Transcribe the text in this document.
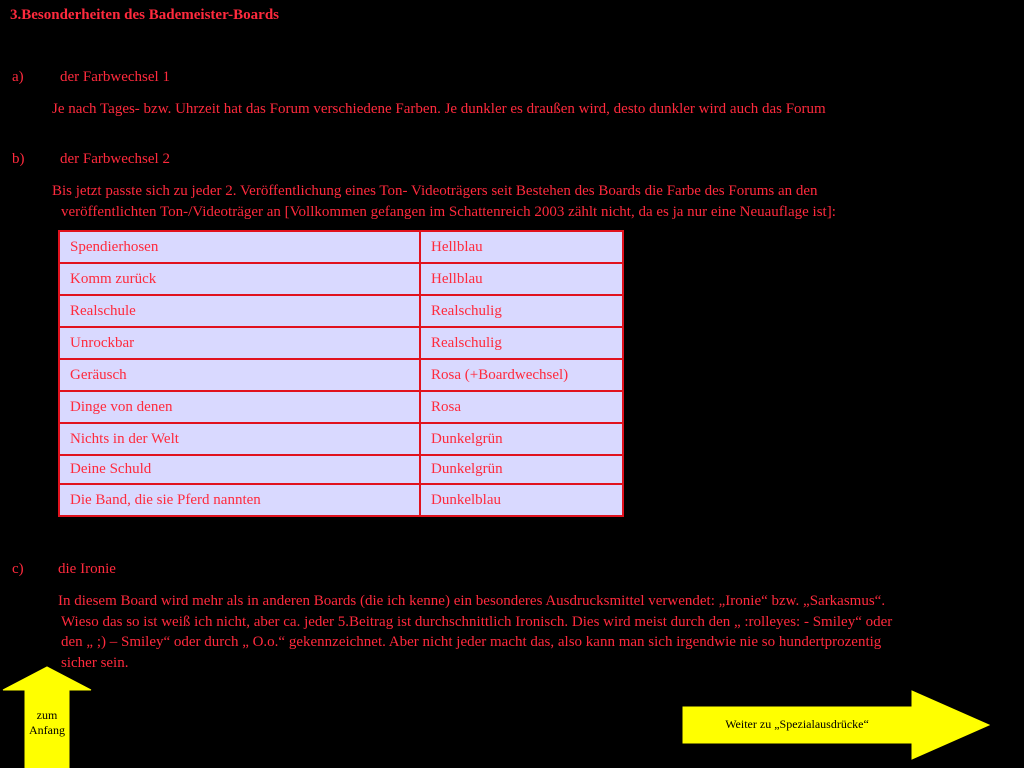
3.Besonderheiten des Bademeister-Boards
a)	der Farbwechsel 1
Je nach Tages- bzw. Uhrzeit hat das Forum verschiedene Farben. Je dunkler es draußen wird, desto dunkler wird auch das Forum
b)	der Farbwechsel 2
Bis jetzt passte sich zu jeder 2. Veröffentlichung eines Ton- Videoträgers seit Bestehen des Boards die Farbe des Forums an den
veröffentlichten Ton-/Videoträger an [Vollkommen gefangen im Schattenreich 2003 zählt nicht, da es ja nur eine Neuauflage ist]:
Spendierhosen	Hellblau
Komm zurück	Hellblau
Realschule	Realschulig
Unrockbar	Realschulig
Geräusch	Rosa (+Boardwechsel)
Dinge von denen	Rosa
Nichts in der Welt	Dunkelgrün
Deine Schuld	Dunkelgrün
Die Band, die sie Pferd nannten	Dunkelblau
c)	die Ironie
In diesem Board wird mehr als in anderen Boards (die ich kenne) ein besonderes Ausdrucksmittel verwendet: „Ironie“ bzw. „Sarkasmus“.
Wieso das so ist weiß ich nicht, aber ca. jeder 5.Beitrag ist durchschnittlich Ironisch. Dies wird meist durch den „ :rolleyes: - Smiley“ oder
den „ ;) – Smiley“ oder durch „ O.o.“ gekennzeichnet. Aber nicht jeder macht das, also kann man sich irgendwie nie so hundertprozentig
sicher sein.
zum
Anfang	Weiter zu „Spezialausdrücke“
